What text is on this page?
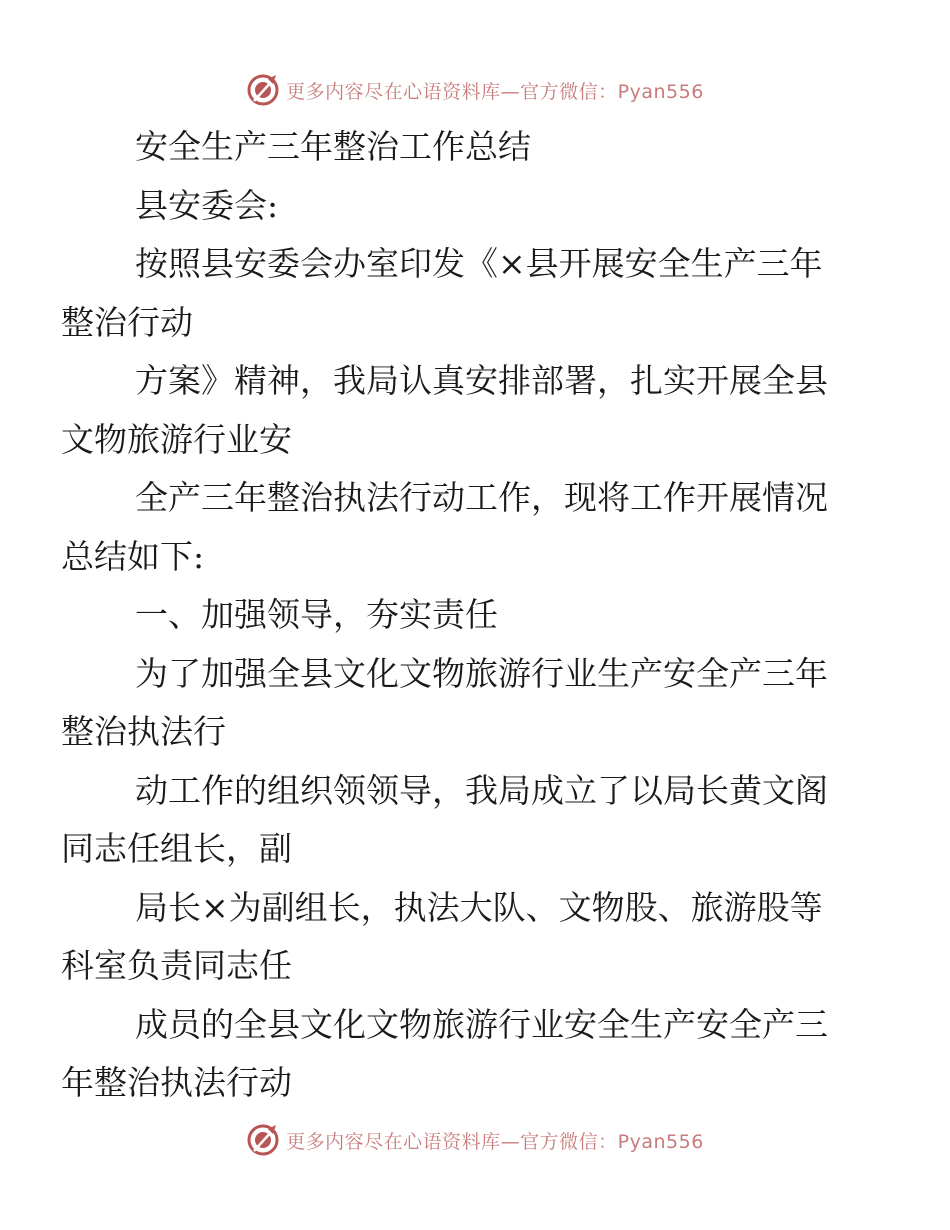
更多内容尽在心语资料库—官方微信：Pyan556

安全生产三年整治工作总结

县安委会:

按照县安委会办室印发《×县开展安全生产三年
整治行动

方案》精神，我局认真安排部署，扎实开展全县
文物旅游行业安

全产三年整治执法行动工作，现将工作开展情况
总结如下:

一、加强领导，夯实责任

为了加强全县文化文物旅游行业生产安全产三年
整治执法行

动工作的组织领领导，我局成立了以局长黄文阁
同志任组长，副

局长×为副组长，执法大队、文物股、旅游股等
科室负责同志任

成员的全县文化文物旅游行业安全生产安全产三
年整治执法行动

更多内容尽在心语资料库—官方微信：Pyan556
